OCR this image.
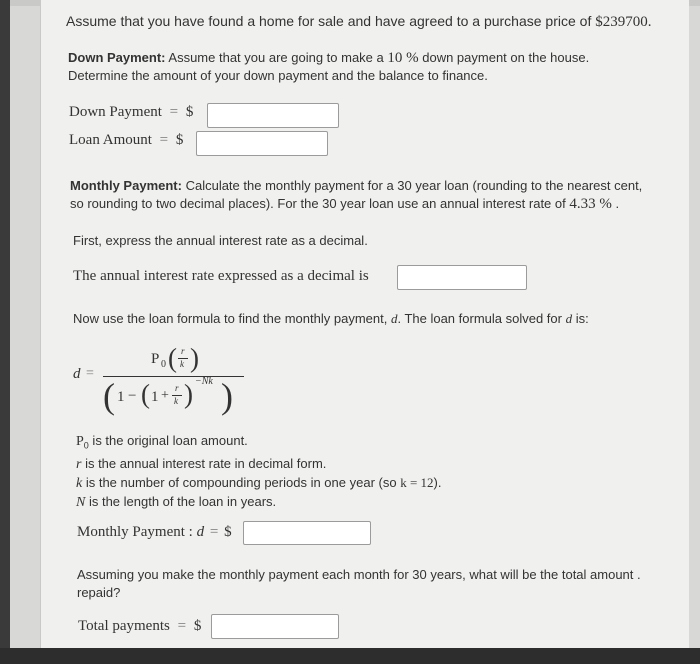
Assume that you have found a home for sale and have agreed to a purchase price of $239700.
Down Payment: Assume that you are going to make a 10 % down payment on the house.
Determine the amount of your down payment and the balance to finance.
Down Payment = $
Loan Amount = $
Monthly Payment: Calculate the monthly payment for a 30 year loan (rounding to the nearest cent,
so rounding to two decimal places). For the 30 year loan use an annual interest rate of 4.33 % .
First, express the annual interest rate as a decimal.
The annual interest rate expressed as a decimal is
Now use the loan formula to find the monthly payment, d. The loan formula solved for d is:
d =
P 0 ( r
k )
( 1 − ( 1 + r
k ) −Nk )
$P_0$ is the original loan amount.
r is the annual interest rate in decimal form.
k is the number of compounding periods in one year (so k = 12).
N is the length of the loan in years.
Monthly Payment : d = $
Assuming you make the monthly payment each month for 30 years, what will be the total amount .
repaid?
Total payments = $
